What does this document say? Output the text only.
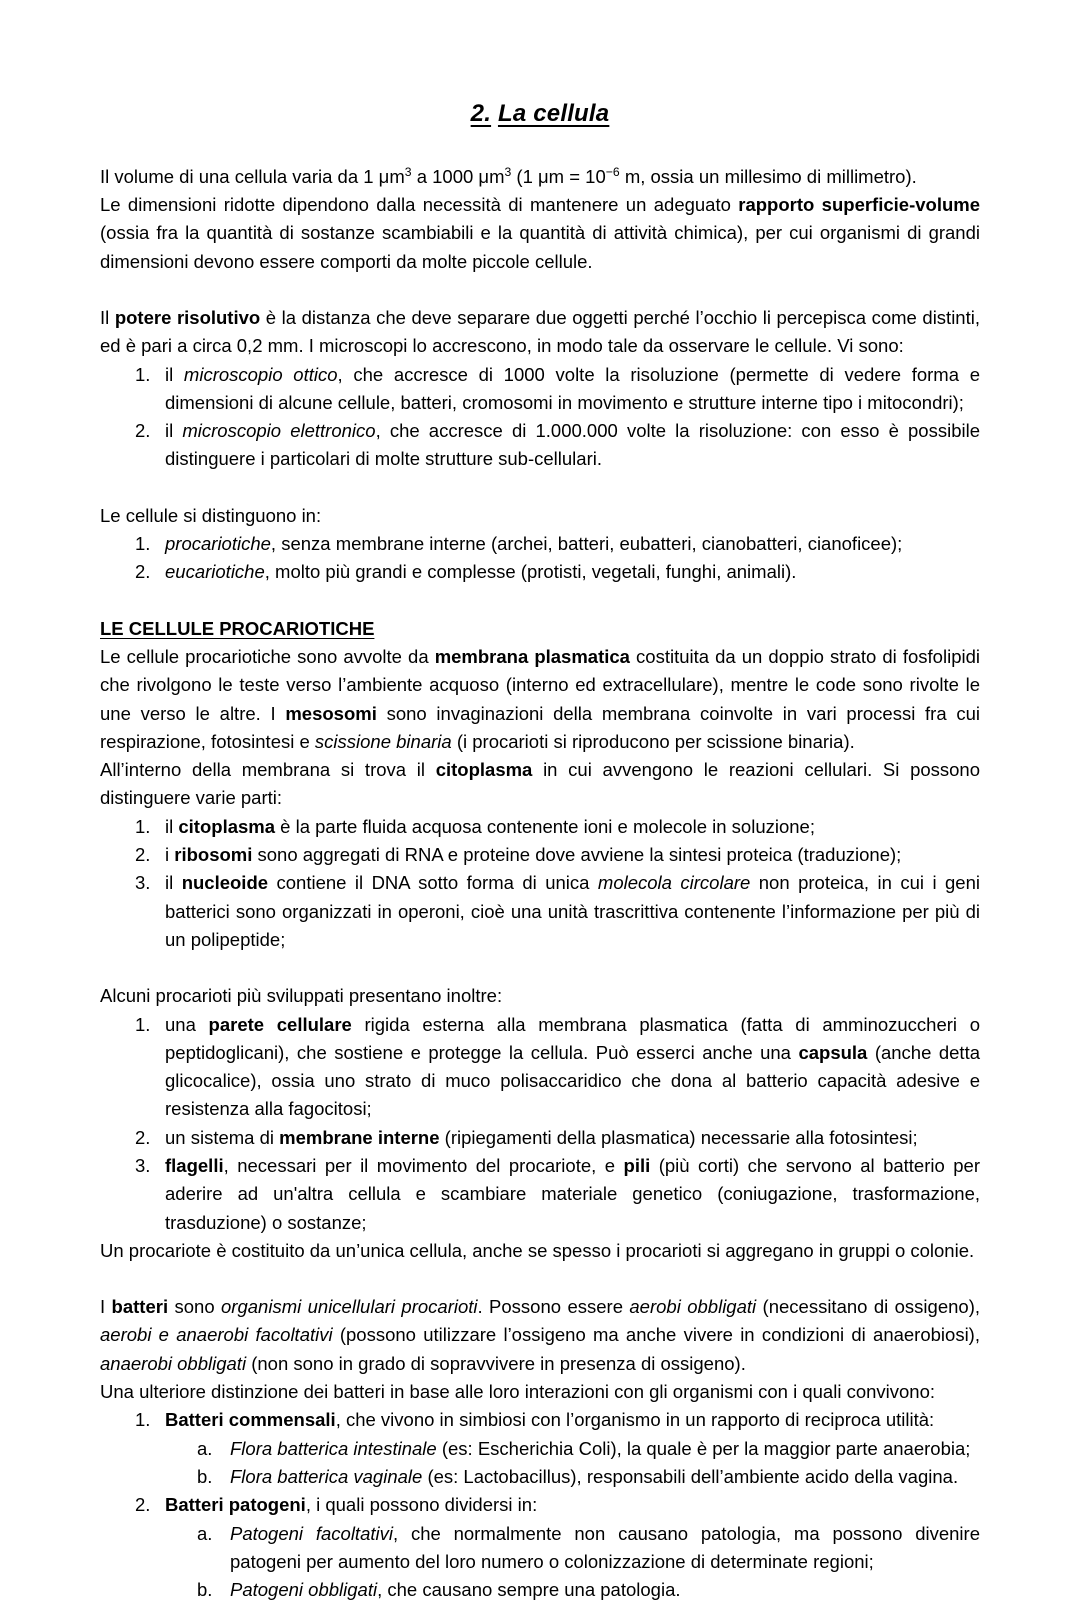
2. La cellula

Il volume di una cellula varia da 1 $\mu m^3$ a 1000 $\mu m^3$ (1 $\mu m = 10^{-6}$ m, ossia un millesimo di millimetro).
Le dimensioni ridotte dipendono dalla necessità di mantenere un adeguato rapporto superficie-volume (ossia fra la quantità di sostanze scambiabili e la quantità di attività chimica), per cui organismi di grandi dimensioni devono essere comporti da molte piccole cellule.

Il potere risolutivo è la distanza che deve separare due oggetti perché l’occhio li percepisca come distinti, ed è pari a circa 0,2 mm. I microscopi lo accrescono, in modo tale da osservare le cellule. Vi sono:

1. il microscopio ottico, che accresce di 1000 volte la risoluzione (permette di vedere forma e dimensioni di alcune cellule, batteri, cromosomi in movimento e strutture interne tipo i mitocondri);
2. il microscopio elettronico, che accresce di 1.000.000 volte la risoluzione: con esso è possibile distinguere i particolari di molte strutture sub-cellulari.

Le cellule si distinguono in:

1. procariotiche, senza membrane interne (archei, batteri, eubatteri, cianobatteri, cianoficee);
2. eucariotiche, molto più grandi e complesse (protisti, vegetali, funghi, animali).
LE CELLULE PROCARIOTICHE

Le cellule procariotiche sono avvolte da membrana plasmatica costituita da un doppio strato di fosfolipidi che rivolgono le teste verso l’ambiente acquoso (interno ed extracellulare), mentre le code sono rivolte le une verso le altre. I mesosomi sono invaginazioni della membrana coinvolte in vari processi fra cui respirazione, fotosintesi e scissione binaria (i procarioti si riproducono per scissione binaria).

All’interno della membrana si trova il citoplasma in cui avvengono le reazioni cellulari. Si possono distinguere varie parti:

1. il citoplasma è la parte fluida acquosa contenente ioni e molecole in soluzione;
2. i ribosomi sono aggregati di RNA e proteine dove avviene la sintesi proteica (traduzione);
3. il nucleoide contiene il DNA sotto forma di unica molecola circolare non proteica, in cui i geni batterici sono organizzati in operoni, cioè una unità trascrittiva contenente l’informazione per più di un polipeptide;

Alcuni procarioti più sviluppati presentano inoltre:

1. una parete cellulare rigida esterna alla membrana plasmatica (fatta di amminozuccheri o peptidoglicani), che sostiene e protegge la cellula. Può esserci anche una capsula (anche detta glicocalice), ossia uno strato di muco polisaccaridico che dona al batterio capacità adesive e resistenza alla fagocitosi;
2. un sistema di membrane interne (ripiegamenti della plasmatica) necessarie alla fotosintesi;
3. flagelli, necessari per il movimento del procariote, e pili (più corti) che servono al batterio per aderire ad un'altra cellula e scambiare materiale genetico (coniugazione, trasformazione, trasduzione) o sostanze;

Un procariote è costituito da un’unica cellula, anche se spesso i procarioti si aggregano in gruppi o colonie.

I batteri sono organismi unicellulari procarioti. Possono essere aerobi obbligati (necessitano di ossigeno), aerobi e anaerobi facoltativi (possono utilizzare l’ossigeno ma anche vivere in condizioni di anaerobiosi), anaerobi obbligati (non sono in grado di sopravvivere in presenza di ossigeno).

Una ulteriore distinzione dei batteri in base alle loro interazioni con gli organismi con i quali convivono:

1. Batteri commensali, che vivono in simbiosi con l’organismo in un rapporto di reciproca utilità:
a. Flora batterica intestinale (es: Escherichia Coli), la quale è per la maggior parte anaerobia;
b. Flora batterica vaginale (es: Lactobacillus), responsabili dell’ambiente acido della vagina.
2. Batteri patogeni, i quali possono dividersi in:
a. Patogeni facoltativi, che normalmente non causano patologia, ma possono divenire patogeni per aumento del loro numero o colonizzazione di determinate regioni;
b. Patogeni obbligati, che causano sempre una patologia.
